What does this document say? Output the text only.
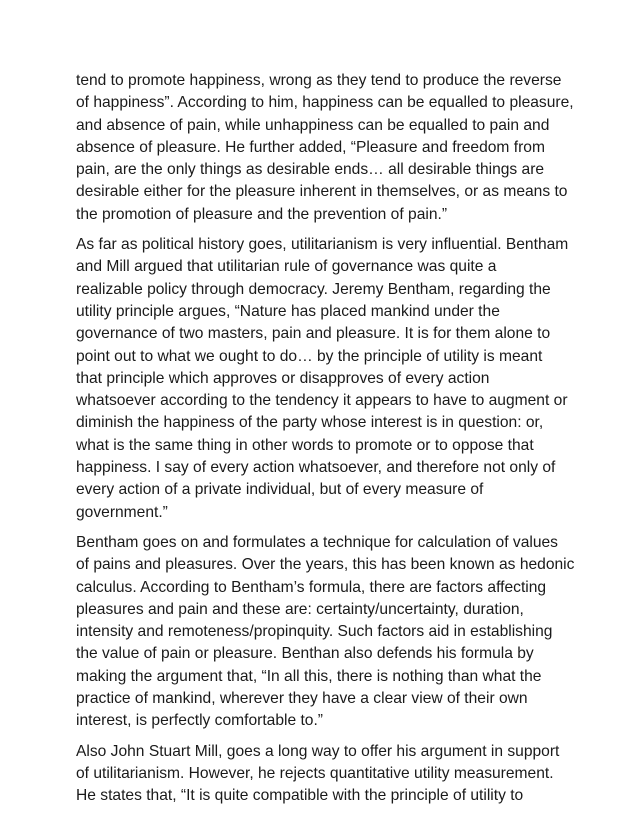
tend to promote happiness, wrong as they tend to produce the reverse
of happiness”. According to him, happiness can be equalled to pleasure,
and absence of pain, while unhappiness can be equalled to pain and
absence of pleasure. He further added, “Pleasure and freedom from
pain, are the only things as desirable ends… all desirable things are
desirable either for the pleasure inherent in themselves, or as means to
the promotion of pleasure and the prevention of pain.”

As far as political history goes, utilitarianism is very influential. Bentham
and Mill argued that utilitarian rule of governance was quite a
realizable policy through democracy. Jeremy Bentham, regarding the
utility principle argues, “Nature has placed mankind under the
governance of two masters, pain and pleasure. It is for them alone to
point out to what we ought to do… by the principle of utility is meant
that principle which approves or disapproves of every action
whatsoever according to the tendency it appears to have to augment or
diminish the happiness of the party whose interest is in question: or,
what is the same thing in other words to promote or to oppose that
happiness. I say of every action whatsoever, and therefore not only of
every action of a private individual, but of every measure of
government.”

Bentham goes on and formulates a technique for calculation of values
of pains and pleasures. Over the years, this has been known as hedonic
calculus. According to Bentham’s formula, there are factors affecting
pleasures and pain and these are: certainty/uncertainty, duration,
intensity and remoteness/propinquity. Such factors aid in establishing
the value of pain or pleasure. Benthan also defends his formula by
making the argument that, “In all this, there is nothing than what the
practice of mankind, wherever they have a clear view of their own
interest, is perfectly comfortable to.”

Also John Stuart Mill, goes a long way to offer his argument in support
of utilitarianism. However, he rejects quantitative utility measurement.
He states that, “It is quite compatible with the principle of utility to
